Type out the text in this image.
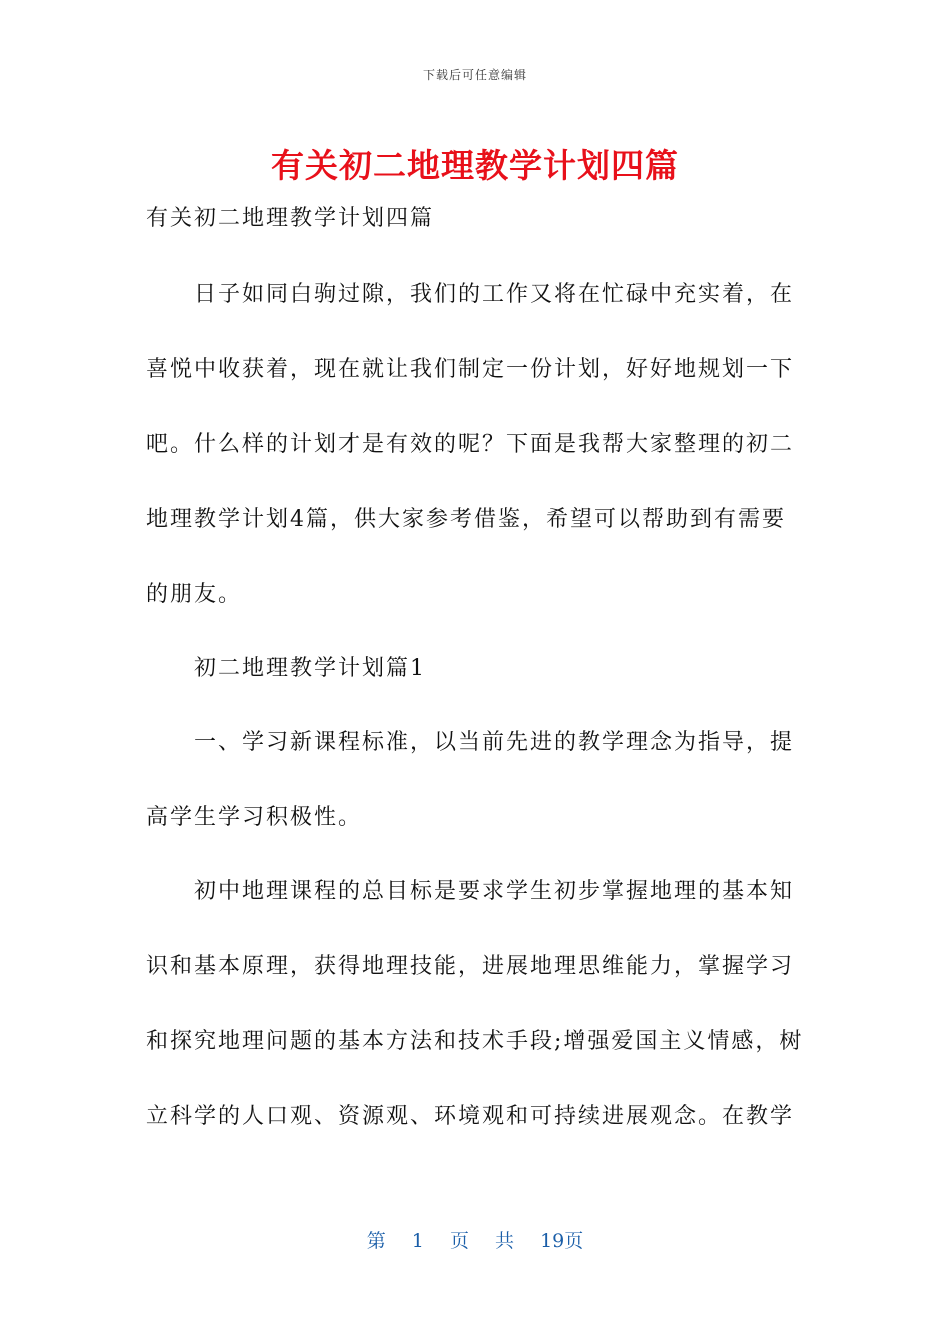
下载后可任意编辑
有关初二地理教学计划四篇
有关初二地理教学计划四篇
日子如同白驹过隙，我们的工作又将在忙碌中充实着，在
喜悦中收获着，现在就让我们制定一份计划，好好地规划一下
吧。什么样的计划才是有效的呢？下面是我帮大家整理的初二
地理教学计划4篇，供大家参考借鉴，希望可以帮助到有需要
的朋友。
初二地理教学计划篇1
一、学习新课程标准，以当前先进的教学理念为指导，提
高学生学习积极性。
初中地理课程的总目标是要求学生初步掌握地理的基本知
识和基本原理，获得地理技能，进展地理思维能力，掌握学习
和探究地理问题的基本方法和技术手段;增强爱国主义情感，树
立科学的人口观、资源观、环境观和可持续进展观念。在教学
第 1 页 共 19页
